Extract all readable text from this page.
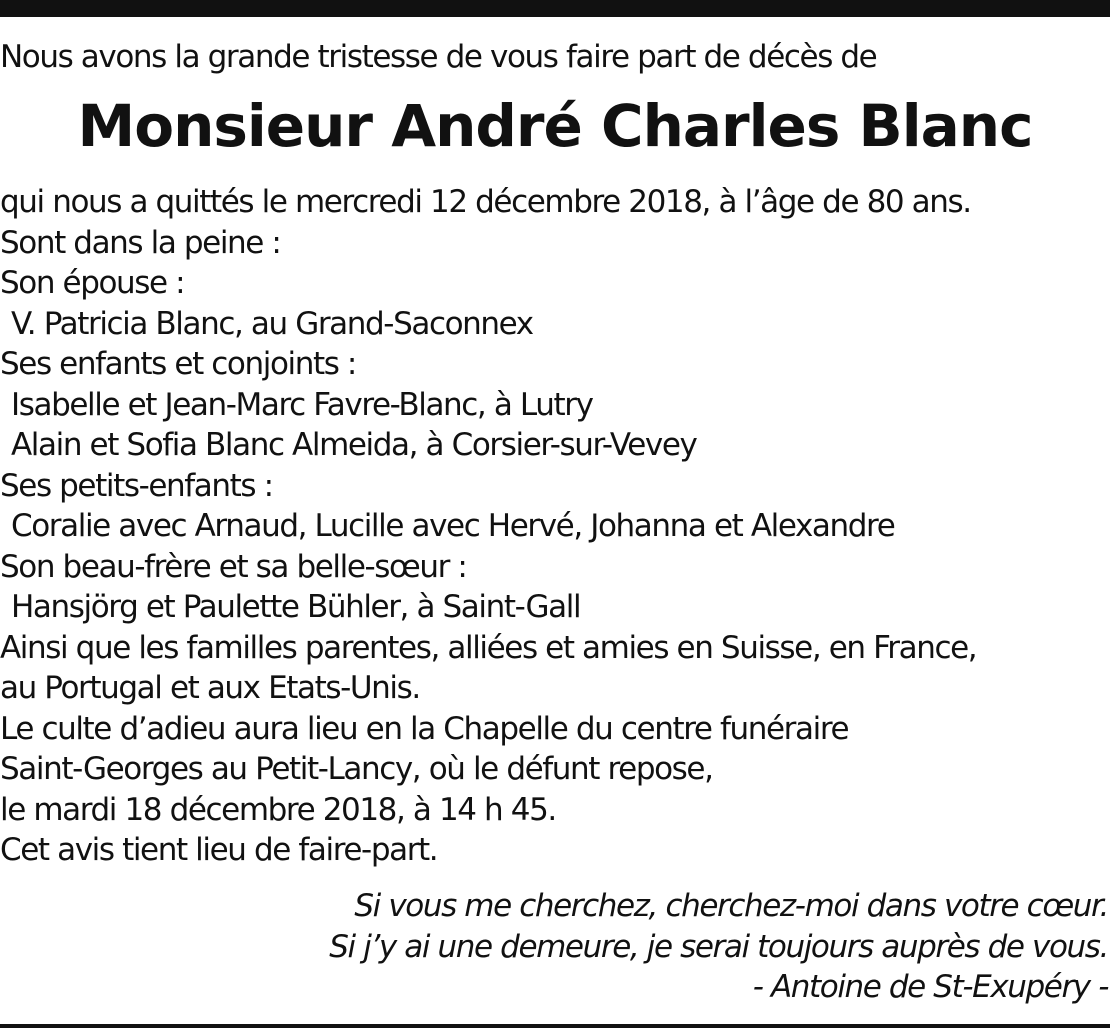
Nous avons la grande tristesse de vous faire part de décès de
Monsieur André Charles Blanc
qui nous a quittés le mercredi 12 décembre 2018, à l’âge de 80 ans.
Sont dans la peine :
Son épouse :
V. Patricia Blanc, au Grand-Saconnex
Ses enfants et conjoints :
Isabelle et Jean-Marc Favre-Blanc, à Lutry
Alain et Sofia Blanc Almeida, à Corsier-sur-Vevey
Ses petits-enfants :
Coralie avec Arnaud, Lucille avec Hervé, Johanna et Alexandre
Son beau-frère et sa belle-sœur :
Hansjörg et Paulette Bühler, à Saint-Gall
Ainsi que les familles parentes, alliées et amies en Suisse, en France,
au Portugal et aux Etats-Unis.
Le culte d’adieu aura lieu en la Chapelle du centre funéraire
Saint-Georges au Petit-Lancy, où le défunt repose,
le mardi 18 décembre 2018, à 14 h 45.
Cet avis tient lieu de faire-part.
Si vous me cherchez, cherchez-moi dans votre cœur.
Si j’y ai une demeure, je serai toujours auprès de vous.
- Antoine de St-Exupéry -
